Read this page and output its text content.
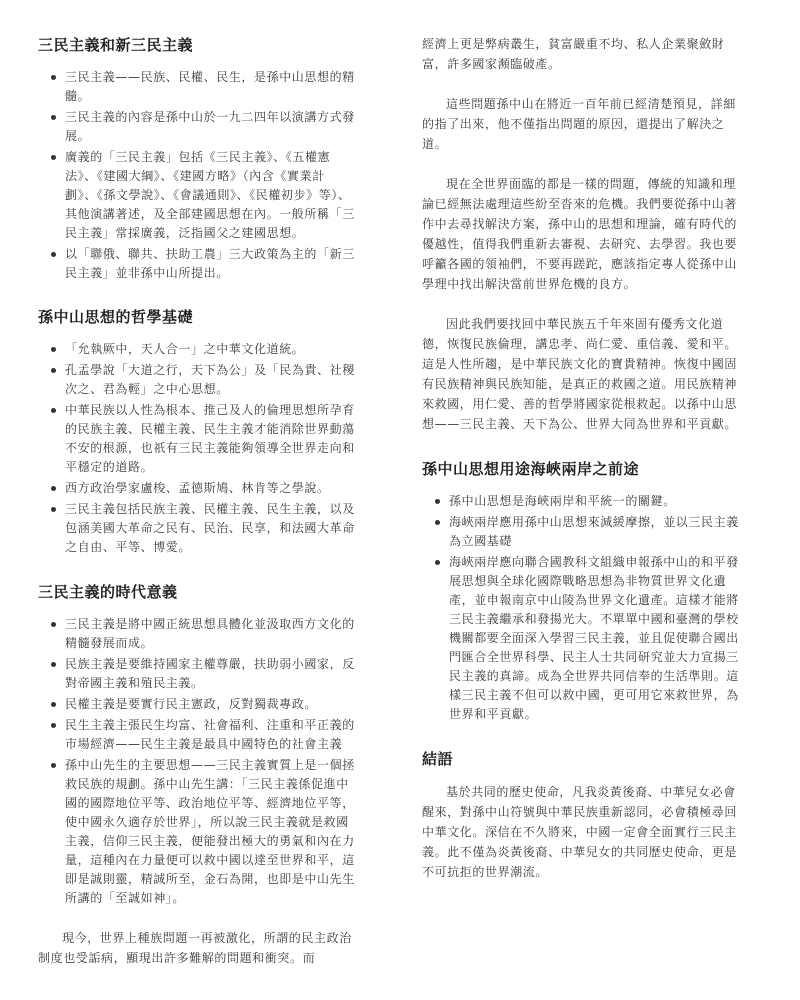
三民主義和新三民主義
三民主義——民族、民權、民生，是孫中山思想的精髓。
三民主義的內容是孫中山於一九二四年以演講方式發展。
廣義的「三民主義」包括《三民主義》、《五權憲法》、《建國大綱》、《建國方略》（內含《實業計劃》、《孫文學說》、《會議通則》、《民權初步》等）、其他演講著述，及全部建國思想在內。一般所稱「三民主義」常採廣義，泛指國父之建國思想。
以「聯俄、聯共、扶助工農」三大政策為主的「新三民主義」並非孫中山所提出。
孫中山思想的哲學基礎
「允執厥中，天人合一」之中華文化道統。
孔孟學說「大道之行，天下為公」及「民為貴、社稷次之、君為輕」之中心思想。
中華民族以人性為根本、推己及人的倫理思想所孕育的民族主義、民權主義、民生主義才能消除世界動蕩不安的根源，也祇有三民主義能夠領導全世界走向和平穩定的道路。
西方政治學家盧梭、孟德斯鳩、林肯等之學說。
三民主義包括民族主義、民權主義、民生主義，以及包涵美國大革命之民有、民治、民享，和法國大革命之自由、平等、博愛。
三民主義的時代意義
三民主義是將中國正統思想具體化並汲取西方文化的精髓發展而成。
民族主義是要維持國家主權尊嚴，扶助弱小國家，反對帝國主義和殖民主義。
民權主義是要實行民主憲政，反對獨裁專政。
民生主義主張民生均富、社會福利、注重和平正義的市場經濟——民生主義是最具中國特色的社會主義
孫中山先生的主要思想——三民主義實質上是一個拯救民族的規劃。孫中山先生講：「三民主義係促進中國的國際地位平等、政治地位平等、經濟地位平等，使中國永久適存於世界」，所以說三民主義就是救國主義，信仰三民主義，便能發出極大的勇氣和內在力量，這種內在力量便可以救中國以達至世界和平，這即是誠則靈，精誠所至，金石為開，也即是中山先生所講的「至誠如神」。

現今，世界上種族問題一再被激化，所謂的民主政治制度也受詬病，顯現出許多難解的問題和衝突。而

經濟上更是弊病叢生，貧富嚴重不均、私人企業聚斂財富，許多國家瀕臨破產。

這些問題孫中山在將近一百年前已經清楚預見，詳細的指了出來，他不僅指出問題的原因，還提出了解決之道。

現在全世界面臨的都是一樣的問題，傳統的知識和理論已經無法處理這些紛至沓來的危機。我們要從孫中山著作中去尋找解決方案，孫中山的思想和理論，確有時代的優越性，值得我們重新去審視、去研究、去學習。我也要呼籲各國的領袖們，不要再蹉跎，應該指定專人從孫中山學理中找出解決當前世界危機的良方。

因此我們要找回中華民族五千年來固有優秀文化道德，恢復民族倫理，講忠孝、尚仁愛、重信義、愛和平。這是人性所趨，是中華民族文化的寶貴精神。恢復中國固有民族精神與民族知能，是真正的救國之道。用民族精神來救國，用仁愛、善的哲學將國家從根救起。以孫中山思想——三民主義、天下為公、世界大同為世界和平貢獻。

孫中山思想用途海峽兩岸之前途
孫中山思想是海峽兩岸和平統一的關鍵。
海峽兩岸應用孫中山思想來減緩摩擦，並以三民主義為立國基礎
海峽兩岸應向聯合國教科文組織申報孫中山的和平發展思想與全球化國際戰略思想為非物質世界文化遺產，並申報南京中山陵為世界文化遺產。這樣才能將三民主義繼承和發揚光大。不單單中國和臺灣的學校機關都要全面深入學習三民主義，並且促使聯合國出門匯合全世界科學、民主人士共同研究並大力宣揚三民主義的真諦。成為全世界共同信奉的生活準則。這樣三民主義不但可以救中國，更可用它來救世界，為世界和平貢獻。
結語

基於共同的歷史使命，凡我炎黃後裔、中華兒女必會醒來，對孫中山符號與中華民族重新認同，必會積極尋回中華文化。深信在不久將來，中國一定會全面實行三民主義。此不僅為炎黃後裔、中華兒女的共同歷史使命，更是不可抗拒的世界潮流。
